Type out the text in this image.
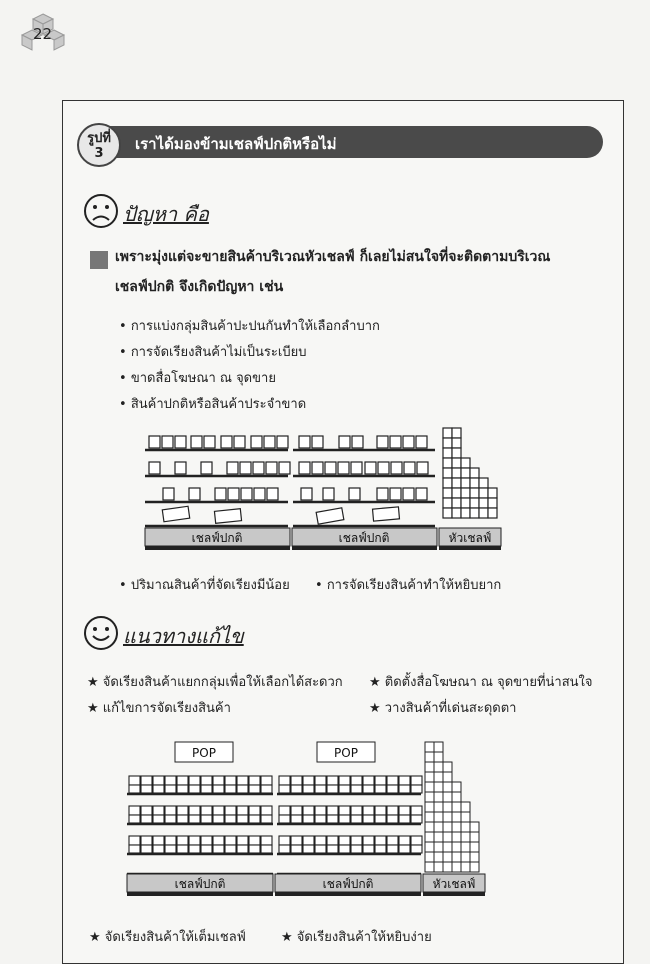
22
รูปที่
3
เราได้มองข้ามเชลฟ์ปกติหรือไม่
ปัญหา คือ
เพราะมุ่งแต่จะขายสินค้าบริเวณหัวเชลฟ์ ก็เลยไม่สนใจที่จะติดตามบริเวณ
เชลฟ์ปกติ จึงเกิดปัญหา เช่น
• การแบ่งกลุ่มสินค้าปะปนกันทำให้เลือกลำบาก
• การจัดเรียงสินค้าไม่เป็นระเบียบ
• ขาดสื่อโฆษณา ณ จุดขาย
• สินค้าปกติหรือสินค้าประจำขาด
เชลฟ์ปกติ	เชลฟ์ปกติ	หัวเชลฟ์
• ปริมาณสินค้าที่จัดเรียงมีน้อย • การจัดเรียงสินค้าทำให้หยิบยาก
แนวทางแก้ไข
★ จัดเรียงสินค้าแยกกลุ่มเพื่อให้เลือกได้สะดวก ★ ติดตั้งสื่อโฆษณา ณ จุดขายที่น่าสนใจ
★ แก้ไขการจัดเรียงสินค้า	★ วางสินค้าที่เด่นสะดุดตา
POP	POP
เชลฟ์ปกติ	เชลฟ์ปกติ	หัวเชลฟ์
★ จัดเรียงสินค้าให้เต็มเชลฟ์	★ จัดเรียงสินค้าให้หยิบง่าย
